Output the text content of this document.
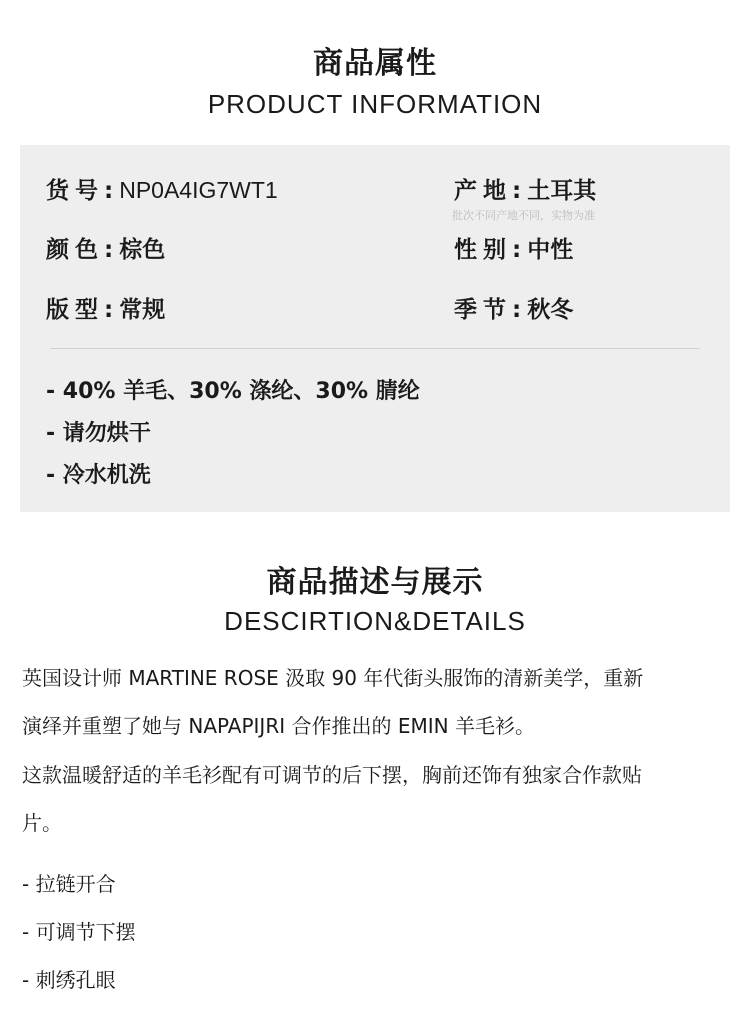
商品属性
PRODUCT INFORMATION
货号: NP0A4IG7WT1	产地: 土耳其
批次不同产地不同，实物为准
颜色: 棕色	性别: 中性
版型: 常规	季节: 秋冬
- 40% 羊毛、30% 涤纶、30% 腈纶
- 请勿烘干
- 冷水机洗
商品描述与展示
DESCIRTION&DETAILS
英国设计师 MARTINE ROSE 汲取 90 年代街头服饰的清新美学，重新
演绎并重塑了她与 NAPAPIJRI 合作推出的 EMIN 羊毛衫。
这款温暖舒适的羊毛衫配有可调节的后下摆，胸前还饰有独家合作款贴
片。
- 拉链开合
- 可调节下摆
- 刺绣孔眼
